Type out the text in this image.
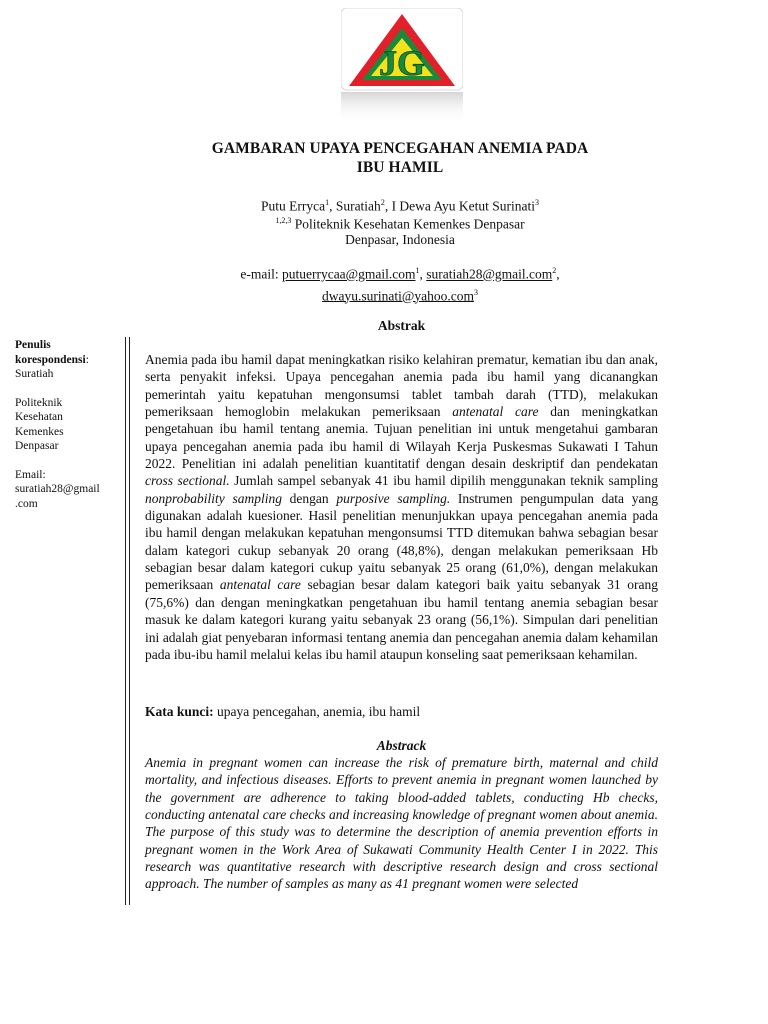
JG
GAMBARAN UPAYA PENCEGAHAN ANEMIA PADA
IBU HAMIL
Putu Erryca$^1$, Suratiah$^2$, I Dewa Ayu Ketut Surinati$^3$
$^{1,2,3}$ Politeknik Kesehatan Kemenkes Denpasar
Denpasar, Indonesia
e-mail: putuerrycaa@gmail.com$^1$, suratiah28@gmail.com$^2$,
dwayu.surinati@yahoo.com$^3$
Abstrak
Penulis korespondensi:
Suratiah
Politeknik
Kesehatan
Kemenkes
Denpasar
Email:
suratiah28@gmail
.com
Anemia pada ibu hamil dapat meningkatkan risiko kelahiran prematur, kematian ibu dan anak, serta penyakit infeksi. Upaya pencegahan anemia pada ibu hamil yang dicanangkan pemerintah yaitu kepatuhan mengonsumsi tablet tambah darah (TTD), melakukan pemeriksaan hemoglobin melakukan pemeriksaan antenatal care dan meningkatkan pengetahuan ibu hamil tentang anemia. Tujuan penelitian ini untuk mengetahui gambaran upaya pencegahan anemia pada ibu hamil di Wilayah Kerja Puskesmas Sukawati I Tahun 2022. Penelitian ini adalah penelitian kuantitatif dengan desain deskriptif dan pendekatan cross sectional. Jumlah sampel sebanyak 41 ibu hamil dipilih menggunakan teknik sampling nonprobability sampling dengan purposive sampling. Instrumen pengumpulan data yang digunakan adalah kuesioner. Hasil penelitian menunjukkan upaya pencegahan anemia pada ibu hamil dengan melakukan kepatuhan mengonsumsi TTD ditemukan bahwa sebagian besar dalam kategori cukup sebanyak 20 orang (48,8%), dengan melakukan pemeriksaan Hb sebagian besar dalam kategori cukup yaitu sebanyak 25 orang (61,0%), dengan melakukan pemeriksaan antenatal care sebagian besar dalam kategori baik yaitu sebanyak 31 orang (75,6%) dan dengan meningkatkan pengetahuan ibu hamil tentang anemia sebagian besar masuk ke dalam kategori kurang yaitu sebanyak 23 orang (56,1%). Simpulan dari penelitian ini adalah giat penyebaran informasi tentang anemia dan pencegahan anemia dalam kehamilan pada ibu-ibu hamil melalui kelas ibu hamil ataupun konseling saat pemeriksaan kehamilan.
Kata kunci: upaya pencegahan, anemia, ibu hamil
Abstrack
Anemia in pregnant women can increase the risk of premature birth, maternal and child mortality, and infectious diseases. Efforts to prevent anemia in pregnant women launched by the government are adherence to taking blood-added tablets, conducting Hb checks, conducting antenatal care checks and increasing knowledge of pregnant women about anemia. The purpose of this study was to determine the description of anemia prevention efforts in pregnant women in the Work Area of Sukawati Community Health Center I in 2022. This research was quantitative research with descriptive research design and cross sectional approach. The number of samples as many as 41 pregnant women were selected
